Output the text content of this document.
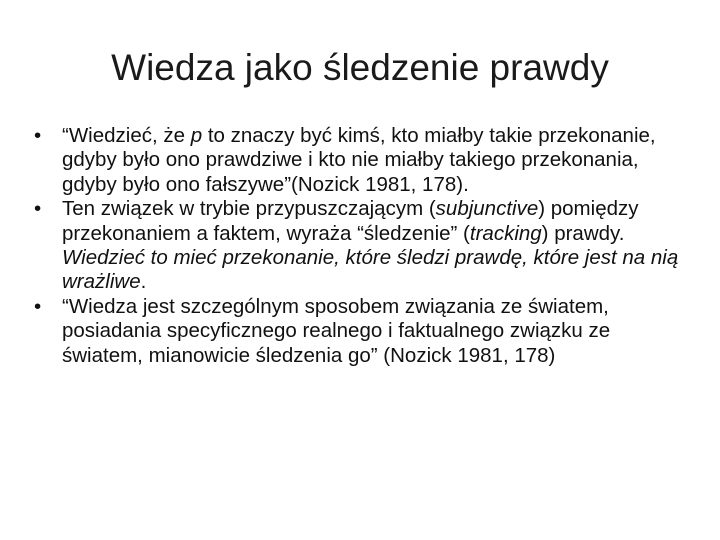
Wiedza jako śledzenie prawdy
•	“Wiedzieć, że p to znaczy być kimś, kto miałby takie przekonanie, gdyby było ono prawdziwe i kto nie miałby takiego przekonania, gdyby było ono fałszywe”(Nozick 1981, 178).
•	Ten związek w trybie przypuszczającym (subjunctive) pomiędzy przekonaniem a faktem, wyraża “śledzenie” (tracking) prawdy. Wiedzieć to mieć przekonanie, które śledzi prawdę, które jest na nią wrażliwe.
•	“Wiedza jest szczególnym sposobem związania ze światem, posiadania specyficznego realnego i faktualnego związku ze światem, mianowicie śledzenia go” (Nozick 1981, 178)
